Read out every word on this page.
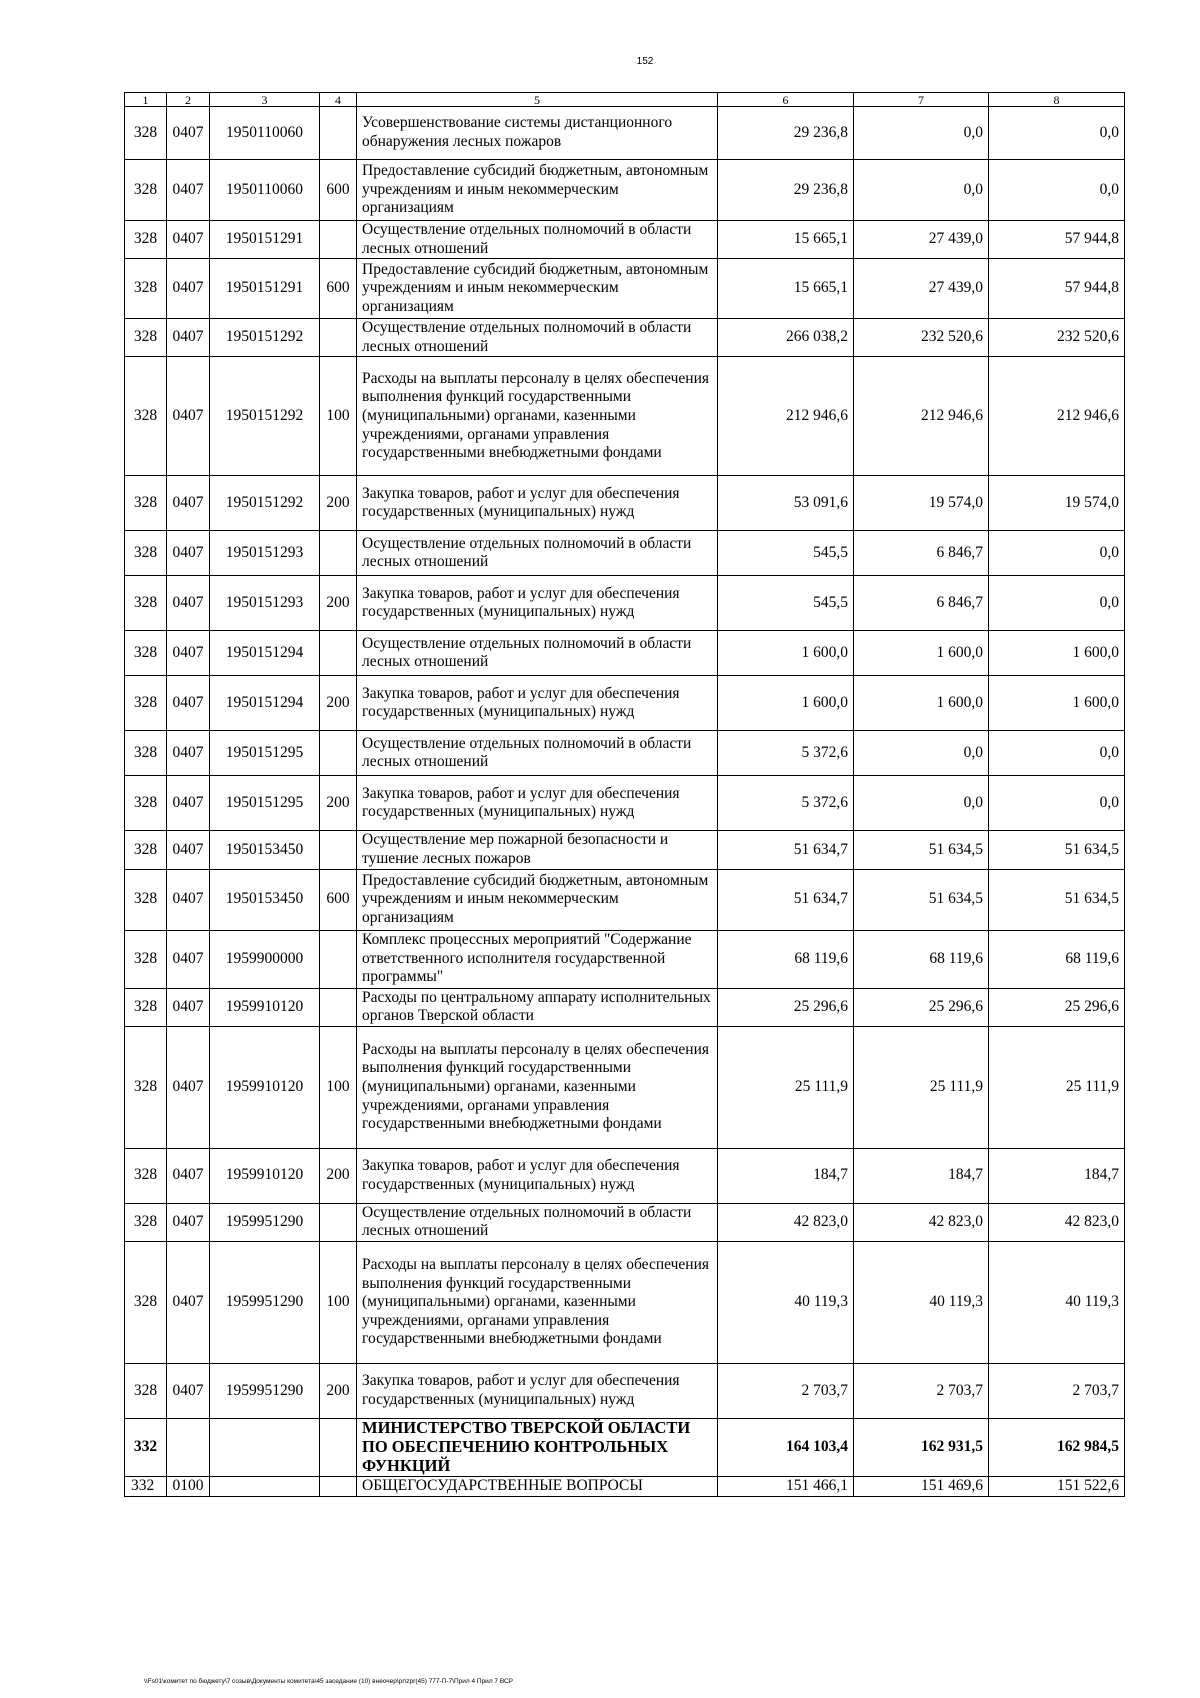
152
1	2	3	4	5	6	7	8
328	0407	1950110060		Усовершенствование системы дистанционного обнаружения лесных пожаров	29 236,8	0,0	0,0
328	0407	1950110060	600	Предоставление субсидий бюджетным, автономным учреждениям и иным некоммерческим организациям	29 236,8	0,0	0,0
328	0407	1950151291		Осуществление отдельных полномочий в области лесных отношений	15 665,1	27 439,0	57 944,8
328	0407	1950151291	600	Предоставление субсидий бюджетным, автономным учреждениям и иным некоммерческим организациям	15 665,1	27 439,0	57 944,8
328	0407	1950151292		Осуществление отдельных полномочий в области лесных отношений	266 038,2	232 520,6	232 520,6
328	0407	1950151292	100	Расходы на выплаты персоналу в целях обеспечения выполнения функций государственными (муниципальными) органами, казенными учреждениями, органами управления государственными внебюджетными фондами	212 946,6	212 946,6	212 946,6
328	0407	1950151292	200	Закупка товаров, работ и услуг для обеспечения государственных (муниципальных) нужд	53 091,6	19 574,0	19 574,0
328	0407	1950151293		Осуществление отдельных полномочий в области лесных отношений	545,5	6 846,7	0,0
328	0407	1950151293	200	Закупка товаров, работ и услуг для обеспечения государственных (муниципальных) нужд	545,5	6 846,7	0,0
328	0407	1950151294		Осуществление отдельных полномочий в области лесных отношений	1 600,0	1 600,0	1 600,0
328	0407	1950151294	200	Закупка товаров, работ и услуг для обеспечения государственных (муниципальных) нужд	1 600,0	1 600,0	1 600,0
328	0407	1950151295		Осуществление отдельных полномочий в области лесных отношений	5 372,6	0,0	0,0
328	0407	1950151295	200	Закупка товаров, работ и услуг для обеспечения государственных (муниципальных) нужд	5 372,6	0,0	0,0
328	0407	1950153450		Осуществление мер пожарной безопасности и тушение лесных пожаров	51 634,7	51 634,5	51 634,5
328	0407	1950153450	600	Предоставление субсидий бюджетным, автономным учреждениям и иным некоммерческим организациям	51 634,7	51 634,5	51 634,5
328	0407	1959900000		Комплекс процессных мероприятий "Содержание ответственного исполнителя государственной программы"	68 119,6	68 119,6	68 119,6
328	0407	1959910120		Расходы по центральному аппарату исполнительных органов Тверской области	25 296,6	25 296,6	25 296,6
328	0407	1959910120	100	Расходы на выплаты персоналу в целях обеспечения выполнения функций государственными (муниципальными) органами, казенными учреждениями, органами управления государственными внебюджетными фондами	25 111,9	25 111,9	25 111,9
328	0407	1959910120	200	Закупка товаров, работ и услуг для обеспечения государственных (муниципальных) нужд	184,7	184,7	184,7
328	0407	1959951290		Осуществление отдельных полномочий в области лесных отношений	42 823,0	42 823,0	42 823,0
328	0407	1959951290	100	Расходы на выплаты персоналу в целях обеспечения выполнения функций государственными (муниципальными) органами, казенными учреждениями, органами управления государственными внебюджетными фондами	40 119,3	40 119,3	40 119,3
328	0407	1959951290	200	Закупка товаров, работ и услуг для обеспечения государственных (муниципальных) нужд	2 703,7	2 703,7	2 703,7
332				МИНИСТЕРСТВО ТВЕРСКОЙ ОБЛАСТИ ПО ОБЕСПЕЧЕНИЮ КОНТРОЛЬНЫХ ФУНКЦИЙ	164 103,4	162 931,5	162 984,5
332	0100			ОБЩЕГОСУДАРСТВЕННЫЕ ВОПРОСЫ	151 466,1	151 469,6	151 522,6
\\Fs01\комитет по бюджету\7 созыв\Документы комитета\45 заседание (10) внеочер\pr\zpr(45) 777-П-7\Прил 4 Прил 7 ВСР
